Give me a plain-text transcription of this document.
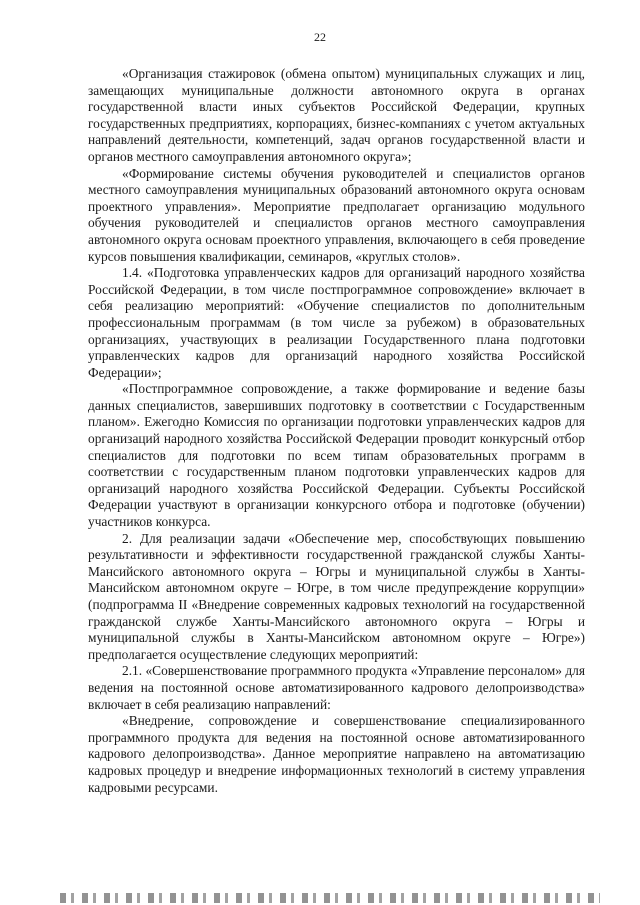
22

«Организация стажировок (обмена опытом) муниципальных служащих и лиц, замещающих муниципальные должности автономного округа в органах государственной власти иных субъектов Российской Федерации, крупных государственных предприятиях, корпорациях, бизнес-компаниях с учетом актуальных направлений деятельности, компетенций, задач органов государственной власти и органов местного самоуправления автономного округа»;

«Формирование системы обучения руководителей и специалистов органов местного самоуправления муниципальных образований автономного округа основам проектного управления». Мероприятие предполагает организацию модульного обучения руководителей и специалистов органов местного самоуправления автономного округа основам проектного управления, включающего в себя проведение курсов повышения квалификации, семинаров, «круглых столов».

1.4. «Подготовка управленческих кадров для организаций народного хозяйства Российской Федерации, в том числе постпрограммное сопровождение» включает в себя реализацию мероприятий: «Обучение специалистов по дополнительным профессиональным программам (в том числе за рубежом) в образовательных организациях, участвующих в реализации Государственного плана подготовки управленческих кадров для организаций народного хозяйства Российской Федерации»;

«Постпрограммное сопровождение, а также формирование и ведение базы данных специалистов, завершивших подготовку в соответствии с Государственным планом». Ежегодно Комиссия по организации подготовки управленческих кадров для организаций народного хозяйства Российской Федерации проводит конкурсный отбор специалистов для подготовки по всем типам образовательных программ в соответствии с государственным планом подготовки управленческих кадров для организаций народного хозяйства Российской Федерации. Субъекты Российской Федерации участвуют в организации конкурсного отбора и подготовке (обучении) участников конкурса.

2. Для реализации задачи «Обеспечение мер, способствующих повышению результативности и эффективности государственной гражданской службы Ханты-Мансийского автономного округа – Югры и муниципальной службы в Ханты-Мансийском автономном округе – Югре, в том числе предупреждение коррупции» (подпрограмма II «Внедрение современных кадровых технологий на государственной гражданской службе Ханты-Мансийского автономного округа – Югры и муниципальной службы в Ханты-Мансийском автономном округе – Югре») предполагается осуществление следующих мероприятий:

2.1. «Совершенствование программного продукта «Управление персоналом» для ведения на постоянной основе автоматизированного кадрового делопроизводства» включает в себя реализацию направлений:

«Внедрение, сопровождение и совершенствование специализированного программного продукта для ведения на постоянной основе автоматизированного кадрового делопроизводства». Данное мероприятие направлено на автоматизацию кадровых процедур и внедрение информационных технологий в систему управления кадровыми ресурсами.
